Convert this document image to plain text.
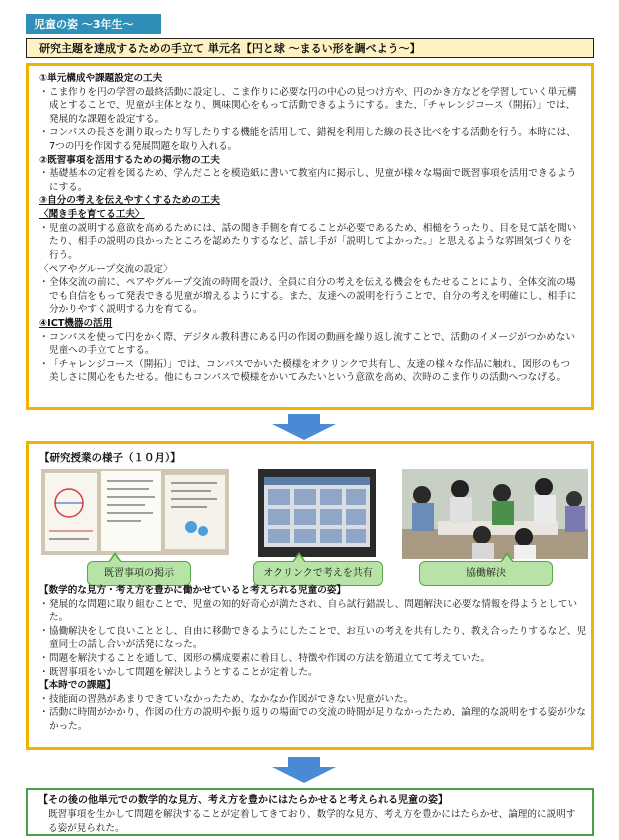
児童の姿 ～3年生～
研究主題を達成するための手立て 単元名【円と球 ～まるい形を調べよう～】
①単元構成や課題設定の工夫
・ こま作りを円の学習の最終活動に設定し、こま作りに必要な円の中心の見つけ方や、円のかき方などを学習していく単元構成とすることで、児童が主体となり、興味関心をもって活動できるようにする。また、「チャレンジコース（開拓）」では、発展的な課題を設定する。
・ コンパスの長さを測り取ったり写したりする機能を活用して、錯視を利用した線の長さ比べをする活動を行う。本時には、7つの円を作図する発展問題を取り入れる。
②既習事項を活用するための掲示物の工夫
・ 基礎基本の定着を図るため、学んだことを模造紙に書いて教室内に掲示し、児童が様々な場面で既習事項を活用できるようにする。
③自分の考えを伝えやすくするための工夫
〈聞き手を育てる工夫〉
・ 児童の説明する意欲を高めるためには、話の聞き手側を育てることが必要であるため、相槌をうったり、目を見て話を聞いたり、相手の説明の良かったところを認めたりするなど、話し手が「説明してよかった。」と思えるような雰囲気づくりを行う。
〈ペアやグループ交流の設定〉
・ 全体交流の前に、ペアやグループ交流の時間を設け、全員に自分の考えを伝える機会をもたせることにより、全体交流の場でも自信をもって発表できる児童が増えるようにする。また、友達への説明を行うことで、自分の考えを明確にし、相手に分かりやすく説明する力を育てる。
④ICT機器の活用
・ コンパスを使って円をかく際、デジタル教科書にある円の作図の動画を繰り返し流すことで、活動のイメージがつかめない児童への手立てとする。
・ 「チャレンジコース（開拓）」では、コンパスでかいた模様をオクリンクで共有し、友達の様々な作品に触れ、図形のもつ美しさに関心をもたせる。他にもコンパスで模様をかいてみたいという意欲を高め、次時のこま作りの活動へつなげる。
【研究授業の様子（１０月）】
既習事項の掲示	オクリンクで考えを共有	協働解決
【数学的な見方・考え方を豊かに働かせていると考えられる児童の姿】
・ 発展的な問題に取り組むことで、児童の知的好奇心が満たされ、自ら試行錯誤し、問題解決に必要な情報を得ようとしていた。
・ 協働解決をして良いこととし、自由に移動できるようにしたことで、お互いの考えを共有したり、教え合ったりするなど、児童同士の話し合いが活発になった。
・ 問題を解決することを通して、図形の構成要素に着目し、特徴や作図の方法を筋道立てて考えていた。
・ 既習事項をいかして問題を解決しようとすることが定着した。
【本時での課題】
・ 技能面の習熟があまりできていなかったため、なかなか作図ができない児童がいた。
・ 活動に時間がかかり、作図の仕方の説明や振り返りの場面での交流の時間が足りなかったため、論理的な説明をする姿が少なかった。
【その後の他単元での数学的な見方、考え方を豊かにはたらかせると考えられる児童の姿】
既習事項を生かして問題を解決することが定着してきており、数学的な見方、考え方を豊かにはたらかせ、論理的に説明する姿が見られた。
